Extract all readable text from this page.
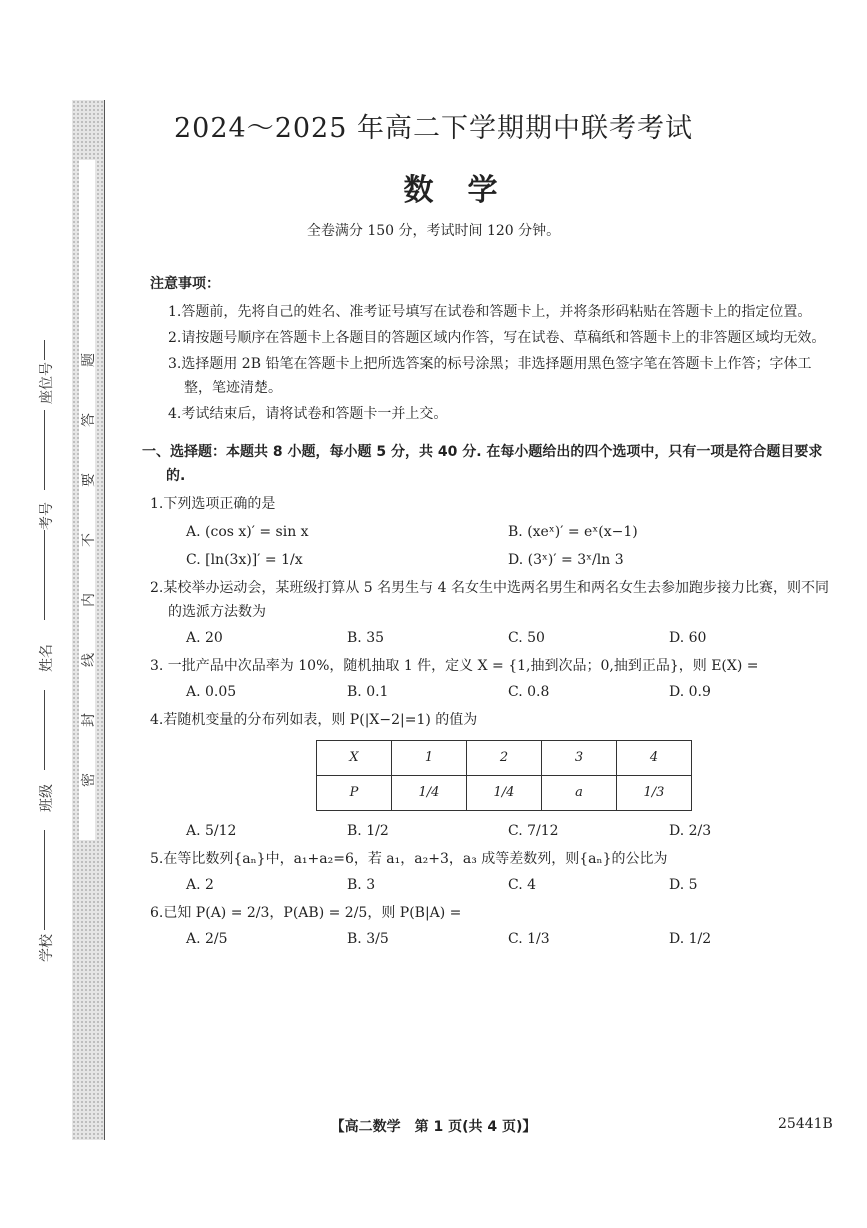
学校
班级
姓名
考号
座位号
密
封
线
内
不
要
答
题
2024～2025 年高二下学期期中联考考试
数学
全卷满分 150 分，考试时间 120 分钟。
注意事项：
1.答题前，先将自己的姓名、准考证号填写在试卷和答题卡上，并将条形码粘贴在答题卡上的指定位置。
2.请按题号顺序在答题卡上各题目的答题区域内作答，写在试卷、草稿纸和答题卡上的非答题区域均无效。
3.选择题用 2B 铅笔在答题卡上把所选答案的标号涂黑；非选择题用黑色签字笔在答题卡上作答；字体工整，笔迹清楚。
4.考试结束后，请将试卷和答题卡一并上交。
一、选择题：本题共 8 小题，每小题 5 分，共 40 分. 在每小题给出的四个选项中，只有一项是符合题目要求的.
1.下列选项正确的是
A. (cos x)′ = sin x	B. (xeˣ)′ = eˣ(x−1)
C. [ln(3x)]′ = 1/x	D. (3ˣ)′ = 3ˣ/ln 3
2.某校举办运动会，某班级打算从 5 名男生与 4 名女生中选两名男生和两名女生去参加跑步接力比赛，则不同的选派方法数为
A. 20	B. 35	C. 50	D. 60
3. 一批产品中次品率为 10%，随机抽取 1 件，定义 X = {1,抽到次品；0,抽到正品}，则 E(X) =
A. 0.05	B. 0.1	C. 0.8	D. 0.9
4.若随机变量的分布列如表，则 P(|X−2|=1) 的值为
X	1	2	3	4
P	1/4	1/4	a	1/3
A. 5/12	B. 1/2	C. 7/12	D. 2/3
5.在等比数列{aₙ}中，a₁+a₂=6，若 a₁，a₂+3，a₃ 成等差数列，则{aₙ}的公比为
A. 2	B. 3	C. 4	D. 5
6.已知 P(A) = 2/3，P(AB) = 2/5，则 P(B|A) =
A. 2/5	B. 3/5	C. 1/3	D. 1/2
【高二数学　第 1 页(共 4 页)】	25441B
